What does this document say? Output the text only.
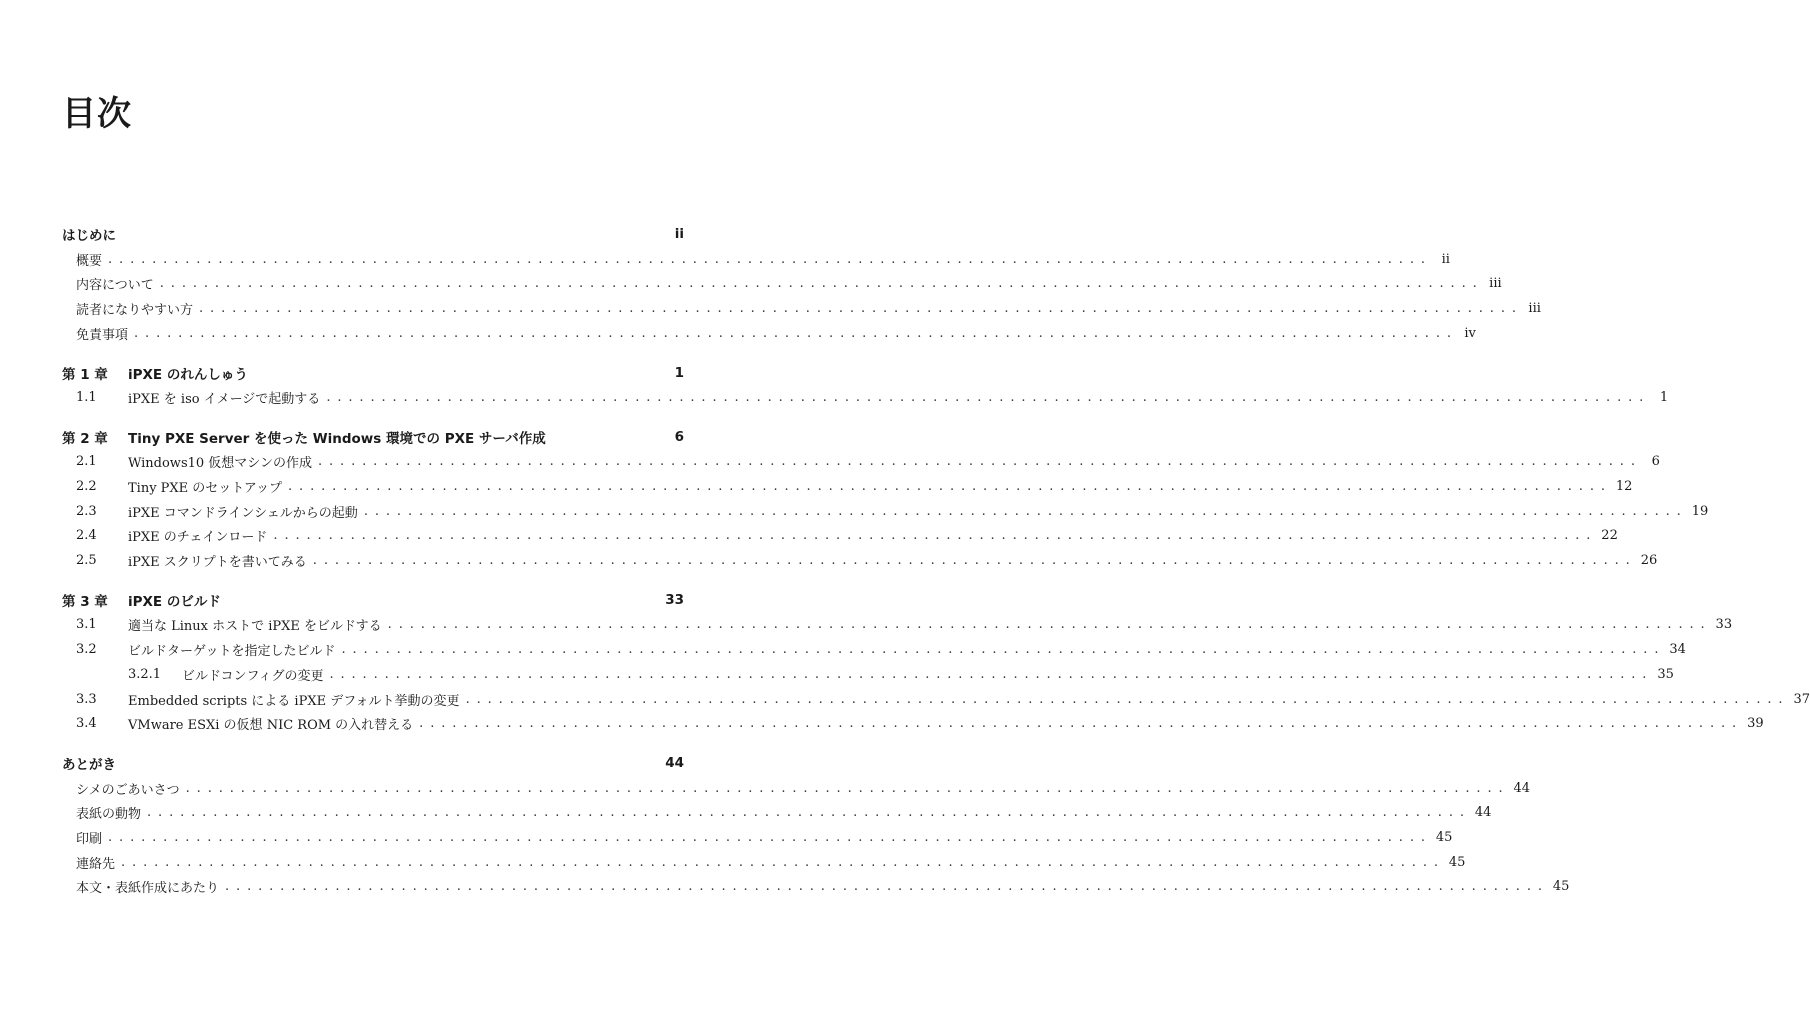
目次
はじめに	ii
概要 ........................................................................................................................ ii
内容について ........................................................................................................................ iii
読者になりやすい方 ........................................................................................................................ iii
免責事項 ........................................................................................................................ iv
第 1 章	iPXE のれんしゅう	1
1.1	iPXE を iso イメージで起動する ........................................................................................................................ 1
第 2 章	Tiny PXE Server を使った Windows 環境での PXE サーバ作成	6
2.1	Windows10 仮想マシンの作成 ........................................................................................................................ 6
2.2	Tiny PXE のセットアップ ........................................................................................................................ 12
2.3	iPXE コマンドラインシェルからの起動 ........................................................................................................................ 19
2.4	iPXE のチェインロード ........................................................................................................................ 22
2.5	iPXE スクリプトを書いてみる ........................................................................................................................ 26
第 3 章	iPXE のビルド	33
3.1	適当な Linux ホストで iPXE をビルドする ........................................................................................................................ 33
3.2	ビルドターゲットを指定したビルド ........................................................................................................................ 34
3.2.1	ビルドコンフィグの変更 ........................................................................................................................ 35
3.3	Embedded scripts による iPXE デフォルト挙動の変更 ........................................................................................................................ 37
3.4	VMware ESXi の仮想 NIC ROM の入れ替える ........................................................................................................................ 39
あとがき	44
シメのごあいさつ ........................................................................................................................ 44
表紙の動物 ........................................................................................................................ 44
印刷 ........................................................................................................................ 45
連絡先 ........................................................................................................................ 45
本文・表紙作成にあたり ........................................................................................................................ 45
